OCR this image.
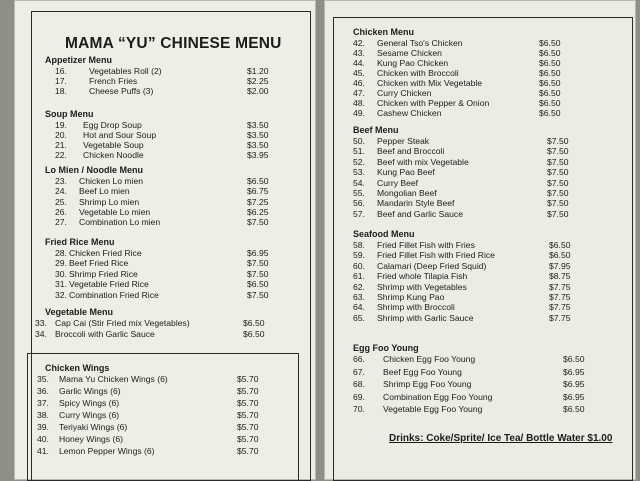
MAMA “YU” CHINESE MENU
Appetizer Menu
16.	Vegetables Roll (2)	$1.20
17.	French Fries	$2.25
18.	Cheese Puffs (3)	$2.00
Soup Menu
19. Egg Drop Soup	$3.50
20. Hot and Sour Soup	$3.50
21. Vegetable Soup	$3.50
22. Chicken Noodle	$3.95
Lo Mien / Noodle Menu
23. Chicken Lo mien	$6.50
24. Beef Lo mien	$6.75
25. Shrimp Lo mien	$7.25
26. Vegetable Lo mien	$6.25
27. Combination Lo mien	$7.50
Fried Rice Menu
28. Chicken Fried Rice	$6.95
29. Beef Fried Rice	$7.50
30. Shrimp Fried Rice	$7.50
31. Vegetable Fried Rice	$6.50
32. Combination Fried Rice	$7.50
Vegetable Menu
33. Cap Cai (Stir Fried mix Vegetables)	$6.50
34. Broccoli with Garlic Sauce	$6.50
Chicken Wings
35. Mama Yu Chicken Wings (6)	$5.70
36. Garlic Wings (6)	$5.70
37. Spicy Wings (6)	$5.70
38. Curry Wings (6)	$5.70
39. Teriyaki Wings (6)	$5.70
40. Honey Wings (6)	$5.70
41. Lemon Pepper Wings (6)	$5.70
Chicken Menu
42. General Tso's Chicken	$6.50
43. Sesame Chicken	$6.50
44. Kung Pao Chicken	$6.50
45. Chicken with Broccoli	$6.50
46. Chicken with Mix Vegetable	$6.50
47. Curry Chicken	$6.50
48. Chicken with Pepper & Onion	$6.50
49. Cashew Chicken	$6.50
Beef Menu
50. Pepper Steak	$7.50
51. Beef and Broccoli	$7.50
52. Beef with mix Vegetable	$7.50
53. Kung Pao Beef	$7.50
54. Curry Beef	$7.50
55. Mongolian Beef	$7.50
56. Mandarin Style Beef	$7.50
57. Beef and Garlic Sauce	$7.50
Seafood Menu
58. Fried Fillet Fish with Fries	$6.50
59. Fried Fillet Fish with Fried Rice	$6.50
60. Calamari (Deep Fried Squid)	$7.95
61. Fried whole Tilapia Fish	$8.75
62. Shrimp with Vegetables	$7.75
63. Shrimp Kung Pao	$7.75
64. Shrimp with Broccoli	$7.75
65. Shrimp with Garlic Sauce	$7.75
Egg Foo Young
66. Chicken Egg Foo Young	$6.50
67. Beef Egg Foo Young	$6.95
68. Shrimp Egg Foo Young	$6.95
69. Combination Egg Foo Young	$6.95
70. Vegetable Egg Foo Young	$6.50
Drinks: Coke/Sprite/ Ice Tea/ Bottle Water $1.00
